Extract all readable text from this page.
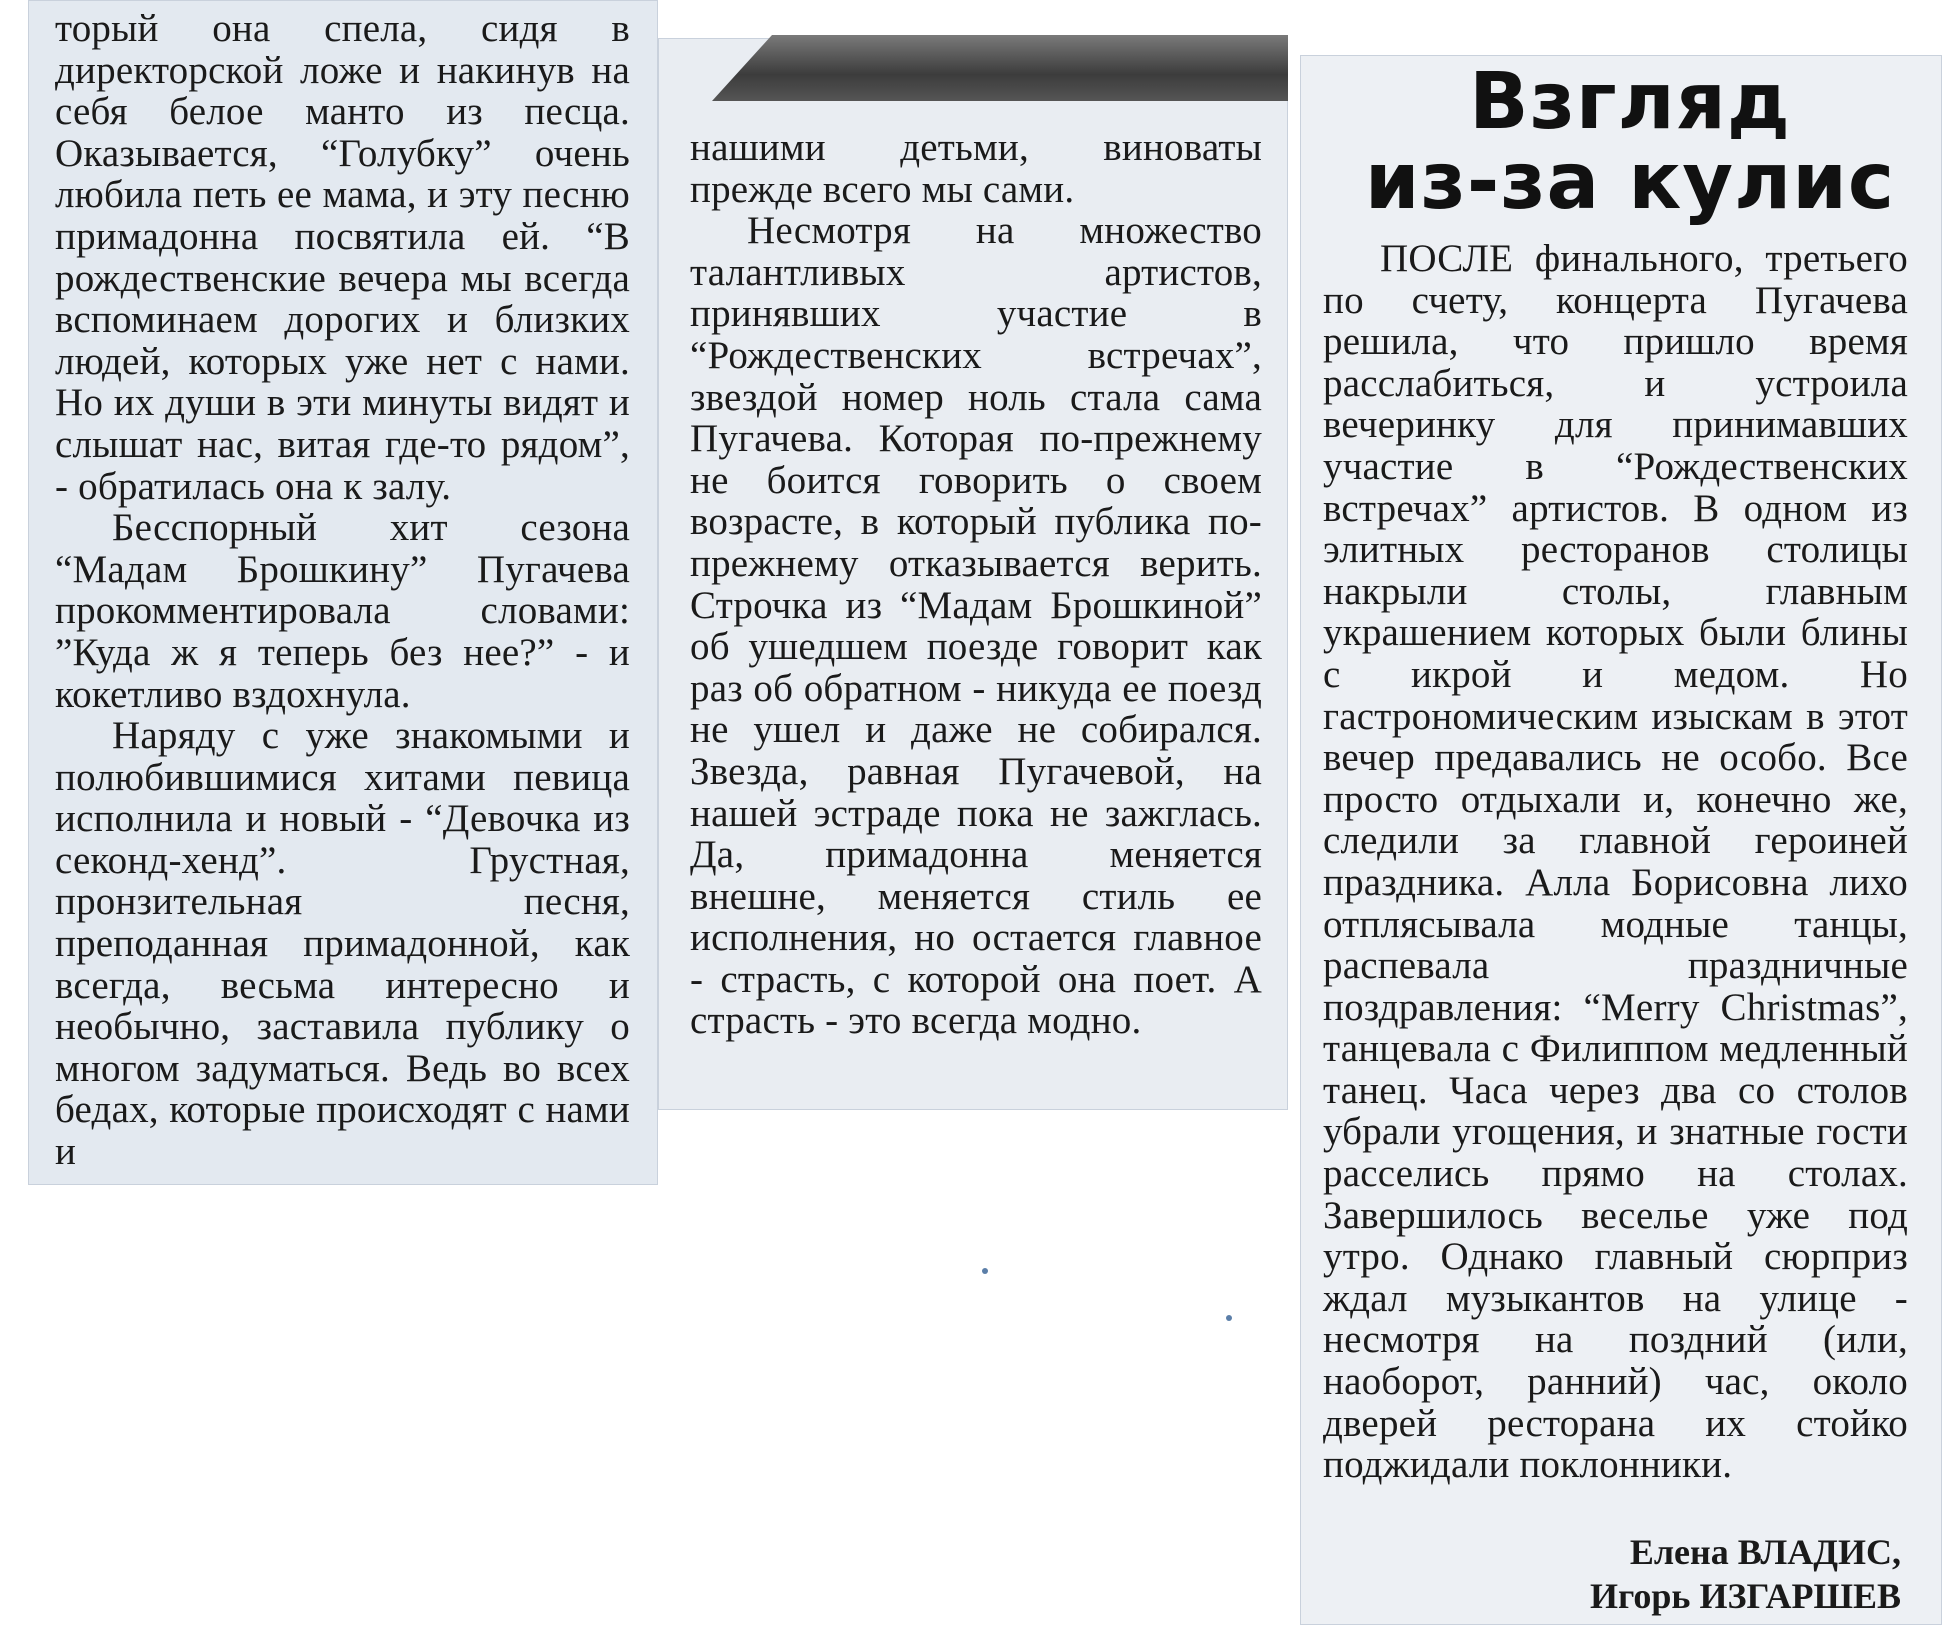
торый она спела, сидя в директорской ложе и накинув на себя белое манто из песца. Оказывается, “Голубку” очень любила петь ее мама, и эту песню примадонна посвятила ей. “В рождественские вечера мы всегда вспоминаем дорогих и близких людей, которых уже нет с нами. Но их души в эти минуты видят и слышат нас, витая где-то рядом”, - обратилась она к залу.

Бесспорный хит сезона “Мадам Брошкину” Пугачева прокомментировала словами: ”Куда ж я теперь без нее?” - и кокетливо вздохнула.

Наряду с уже знакомыми и полюбившимися хитами певица исполнила и новый - “Девочка из секонд-хенд”. Грустная, пронзительная песня, преподанная примадонной, как всегда, весьма интересно и необычно, заставила публику о многом задуматься. Ведь во всех бедах, которые происходят с нами и

нашими детьми, виноваты прежде всего мы сами.

Несмотря на множество талантливых артистов, принявших участие в “Рождественских встречах”, звездой номер ноль стала сама Пугачева. Которая по-прежнему не боится говорить о своем возрасте, в который публика по-прежнему отказывается верить. Строчка из “Мадам Брошкиной” об ушедшем поезде говорит как раз об обратном - никуда ее поезд не ушел и даже не собирался. Звезда, равная Пугачевой, на нашей эстраде пока не зажглась. Да, примадонна меняется внешне, меняется стиль ее исполнения, но остается главное - страсть, с которой она поет. А страсть - это всегда модно.

Взгляд
из-за кулис

ПОСЛЕ финального, третьего по счету, концерта Пугачева решила, что пришло время расслабиться, и устроила вечеринку для принимавших участие в “Рождественских встречах” артистов. В одном из элитных ресторанов столицы накрыли столы, главным украшением которых были блины с икрой и медом. Но гастрономическим изыскам в этот вечер предавались не особо. Все просто отдыхали и, конечно же, следили за главной героиней праздника. Алла Борисовна лихо отплясывала модные танцы, распевала праздничные поздравления: “Merry Christmas”, танцевала с Филиппом медленный танец. Часа через два со столов убрали угощения, и знатные гости расселись прямо на столах. Завершилось веселье уже под утро. Однако главный сюрприз ждал музыкантов на улице - несмотря на поздний (или, наоборот, ранний) час, около дверей ресторана их стойко поджидали поклонники.

Елена ВЛАДИС,
Игорь ИЗГАРШЕВ
